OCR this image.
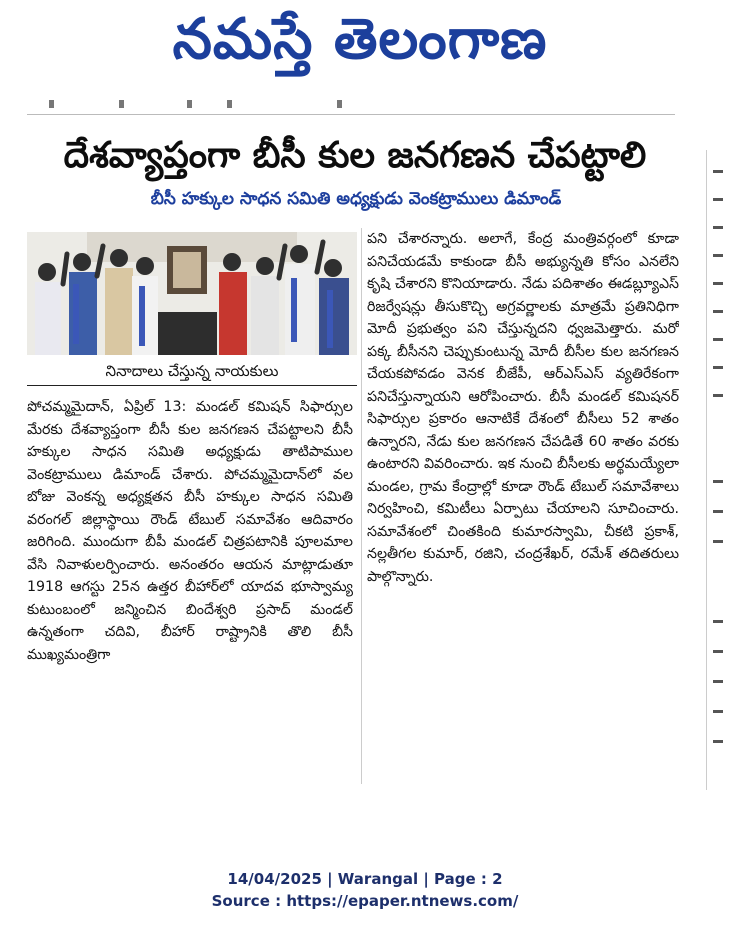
నమస్తే తెలంగాణ
దేశవ్యాప్తంగా బీసీ కుల జనగణన చేపట్టాలి
బీసీ హక్కుల సాధన సమితి అధ్యక్షుడు వెంకట్రాములు డిమాండ్
నినాదాలు చేస్తున్న నాయకులు

పోచమ్మమైదాన్, ఏప్రిల్ 13: మండల్ కమిషన్ సిఫార్సుల మేరకు దేశవ్యాప్తంగా బీసీ కుల జనగణన చేపట్టాలని బీసీ హక్కుల సాధన సమితి అధ్యక్షుడు తాటిపాముల వెంకట్రాములు డిమాండ్ చేశారు. పోచమ్మమైదాన్‌లో వల బోజు వెంకన్న అధ్యక్షతన బీసీ హక్కుల సాధన సమితి వరంగల్ జిల్లాస్థాయి రౌండ్ టేబుల్ సమావేశం ఆదివారం జరిగింది. ముందుగా బీపీ మండల్ చిత్రపటానికి పూలమాల వేసి నివాళులర్పించారు. అనంతరం ఆయన మాట్లాడుతూ 1918 ఆగస్టు 25న ఉత్తర బీహార్‌లో యాదవ భూస్వామ్య కుటుంబంలో జన్మించిన బిందేశ్వరి ప్రసాద్ మండల్ ఉన్నతంగా చదివి, బీహార్ రాష్ట్రానికి తొలి బీసీ ముఖ్యమంత్రిగా

పని చేశారన్నారు. అలాగే, కేంద్ర మంత్రివర్గంలో కూడా పనిచేయడమే కాకుండా బీసీ అభ్యున్నతి కోసం ఎనలేని కృషి చేశారని కొనియాడారు. నేడు పదిశాతం ఈడబ్ల్యూఎస్ రిజర్వేషన్లు తీసుకొచ్చి అగ్రవర్ణాలకు మాత్రమే ప్రతినిధిగా మోదీ ప్రభుత్వం పని చేస్తున్నదని ధ్వజమెత్తారు. మరో పక్క బీసీనని చెప్పుకుంటున్న మోదీ బీసీల కుల జనగణన చేయకపోవడం వెనక బీజేపీ, ఆర్‌ఎస్‌ఎస్ వ్యతిరేకంగా పనిచేస్తున్నాయని ఆరోపించారు. బీసీ మండల్ కమిషనర్ సిఫార్సుల ప్రకారం ఆనాటికే దేశంలో బీసీలు 52 శాతం ఉన్నారని, నేడు కుల జనగణన చేపడితే 60 శాతం వరకు ఉంటారని వివరించారు. ఇక నుంచి బీసీలకు అర్థమయ్యేలా మండల, గ్రామ కేంద్రాల్లో కూడా రౌండ్ టేబుల్ సమావేశాలు నిర్వహించి, కమిటీలు ఏర్పాటు చేయాలని సూచించారు. సమావేశంలో చింతకింది కుమారస్వామి, చీకటి ప్రకాశ్, నల్లతీగల కుమార్, రజిని, చంద్రశేఖర్, రమేశ్ తదితరులు పాల్గొన్నారు.

14/04/2025 | Warangal | Page : 2
Source : https://epaper.ntnews.com/
